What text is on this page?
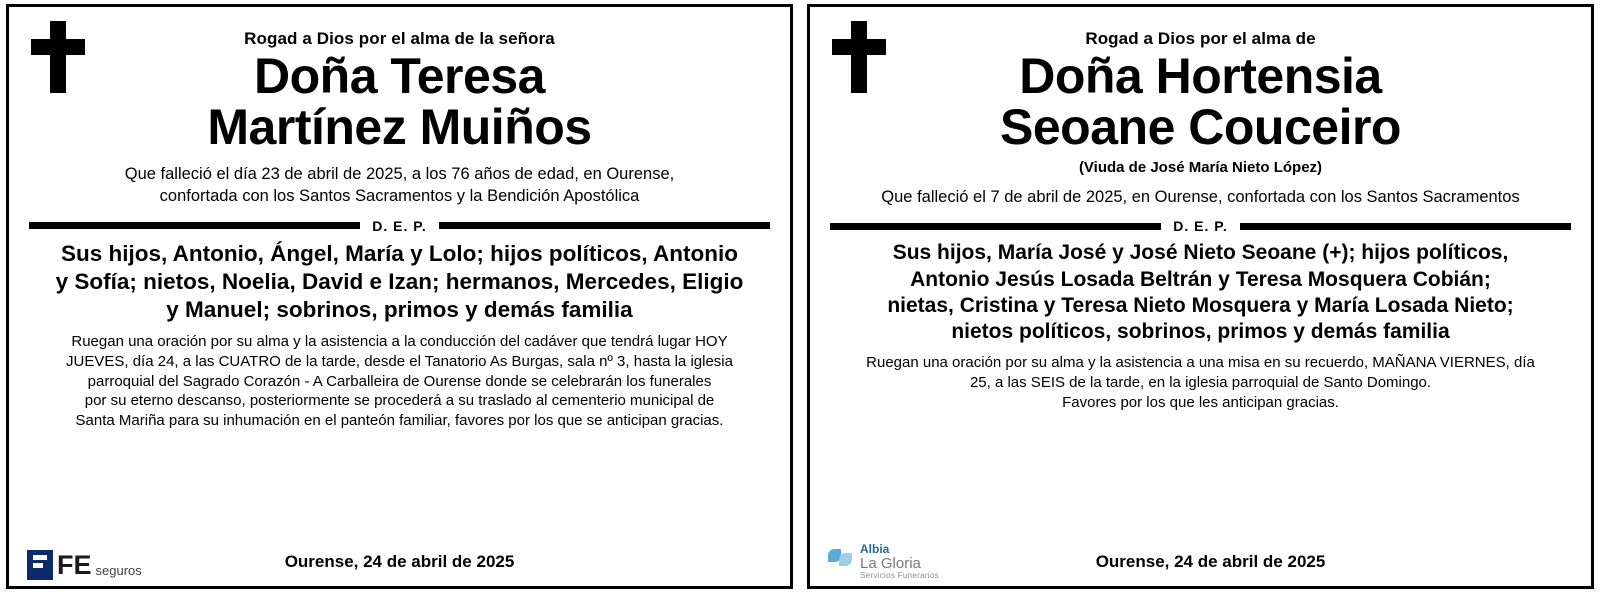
Rogad a Dios por el alma de la señora
Doña Teresa
Martínez Muiños
Que falleció el día 23 de abril de 2025, a los 76 años de edad, en Ourense,
confortada con los Santos Sacramentos y la Bendición Apostólica
D. E. P.
Sus hijos, Antonio, Ángel, María y Lolo; hijos políticos, Antonio
y Sofía; nietos, Noelia, David e Izan; hermanos, Mercedes, Eligio
y Manuel; sobrinos, primos y demás familia
Ruegan una oración por su alma y la asistencia a la conducción del cadáver que tendrá lugar HOY
JUEVES, día 24, a las CUATRO de la tarde, desde el Tanatorio As Burgas, sala nº 3, hasta la iglesia
parroquial del Sagrado Corazón - A Carballeira de Ourense donde se celebrarán los funerales
por su eterno descanso, posteriormente se procederá a su traslado al cementerio municipal de
Santa Mariña para su inhumación en el panteón familiar, favores por los que se anticipan gracias.
FE seguros	Ourense, 24 de abril de 2025
Rogad a Dios por el alma de
Doña Hortensia
Seoane Couceiro
(Viuda de José María Nieto López)
Que falleció el 7 de abril de 2025, en Ourense, confortada con los Santos Sacramentos
D. E. P.
Sus hijos, María José y José Nieto Seoane (+); hijos políticos,
Antonio Jesús Losada Beltrán y Teresa Mosquera Cobián;
nietas, Cristina y Teresa Nieto Mosquera y María Losada Nieto;
nietos políticos, sobrinos, primos y demás familia
Ruegan una oración por su alma y la asistencia a una misa en su recuerdo, MAÑANA VIERNES, día
25, a las SEIS de la tarde, en la iglesia parroquial de Santo Domingo.
Favores por los que les anticipan gracias.
Albia
La Gloria
Servicios Funerarios
Ourense, 24 de abril de 2025
